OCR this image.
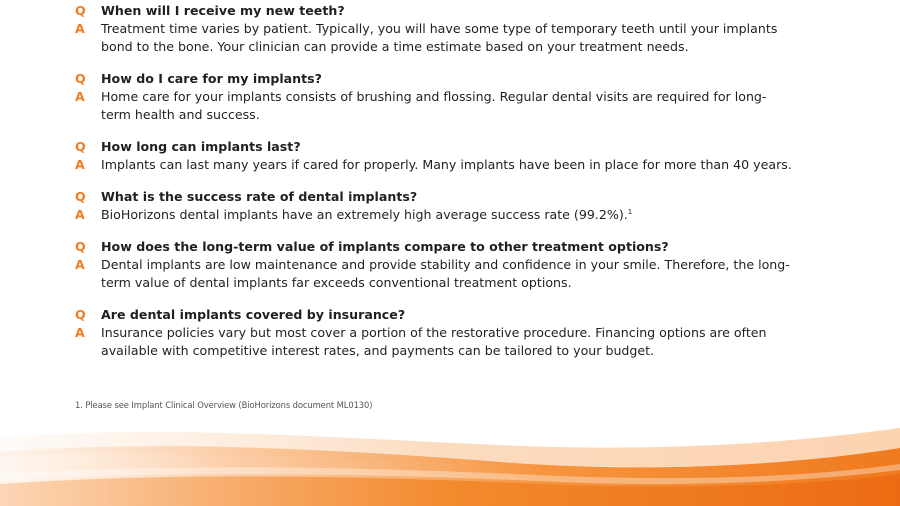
Q	When will I receive my new teeth?
A	Treatment time varies by patient. Typically, you will have some type of temporary teeth until your implants bond to the bone. Your clinician can provide a time estimate based on your treatment needs.
Q	How do I care for my implants?
A	Home care for your implants consists of brushing and flossing. Regular dental visits are required for long-term health and success.
Q	How long can implants last?
A	Implants can last many years if cared for properly. Many implants have been in place for more than 40 years.
Q	What is the success rate of dental implants?
A	BioHorizons dental implants have an extremely high average success rate (99.2%).$^1$
Q	How does the long-term value of implants compare to other treatment options?
A	Dental implants are low maintenance and provide stability and confidence in your smile. Therefore, the long-term value of dental implants far exceeds conventional treatment options.
Q	Are dental implants covered by insurance?
A	Insurance policies vary but most cover a portion of the restorative procedure. Financing options are often available with competitive interest rates, and payments can be tailored to your budget.
1. Please see Implant Clinical Overview (BioHorizons document ML0130)
